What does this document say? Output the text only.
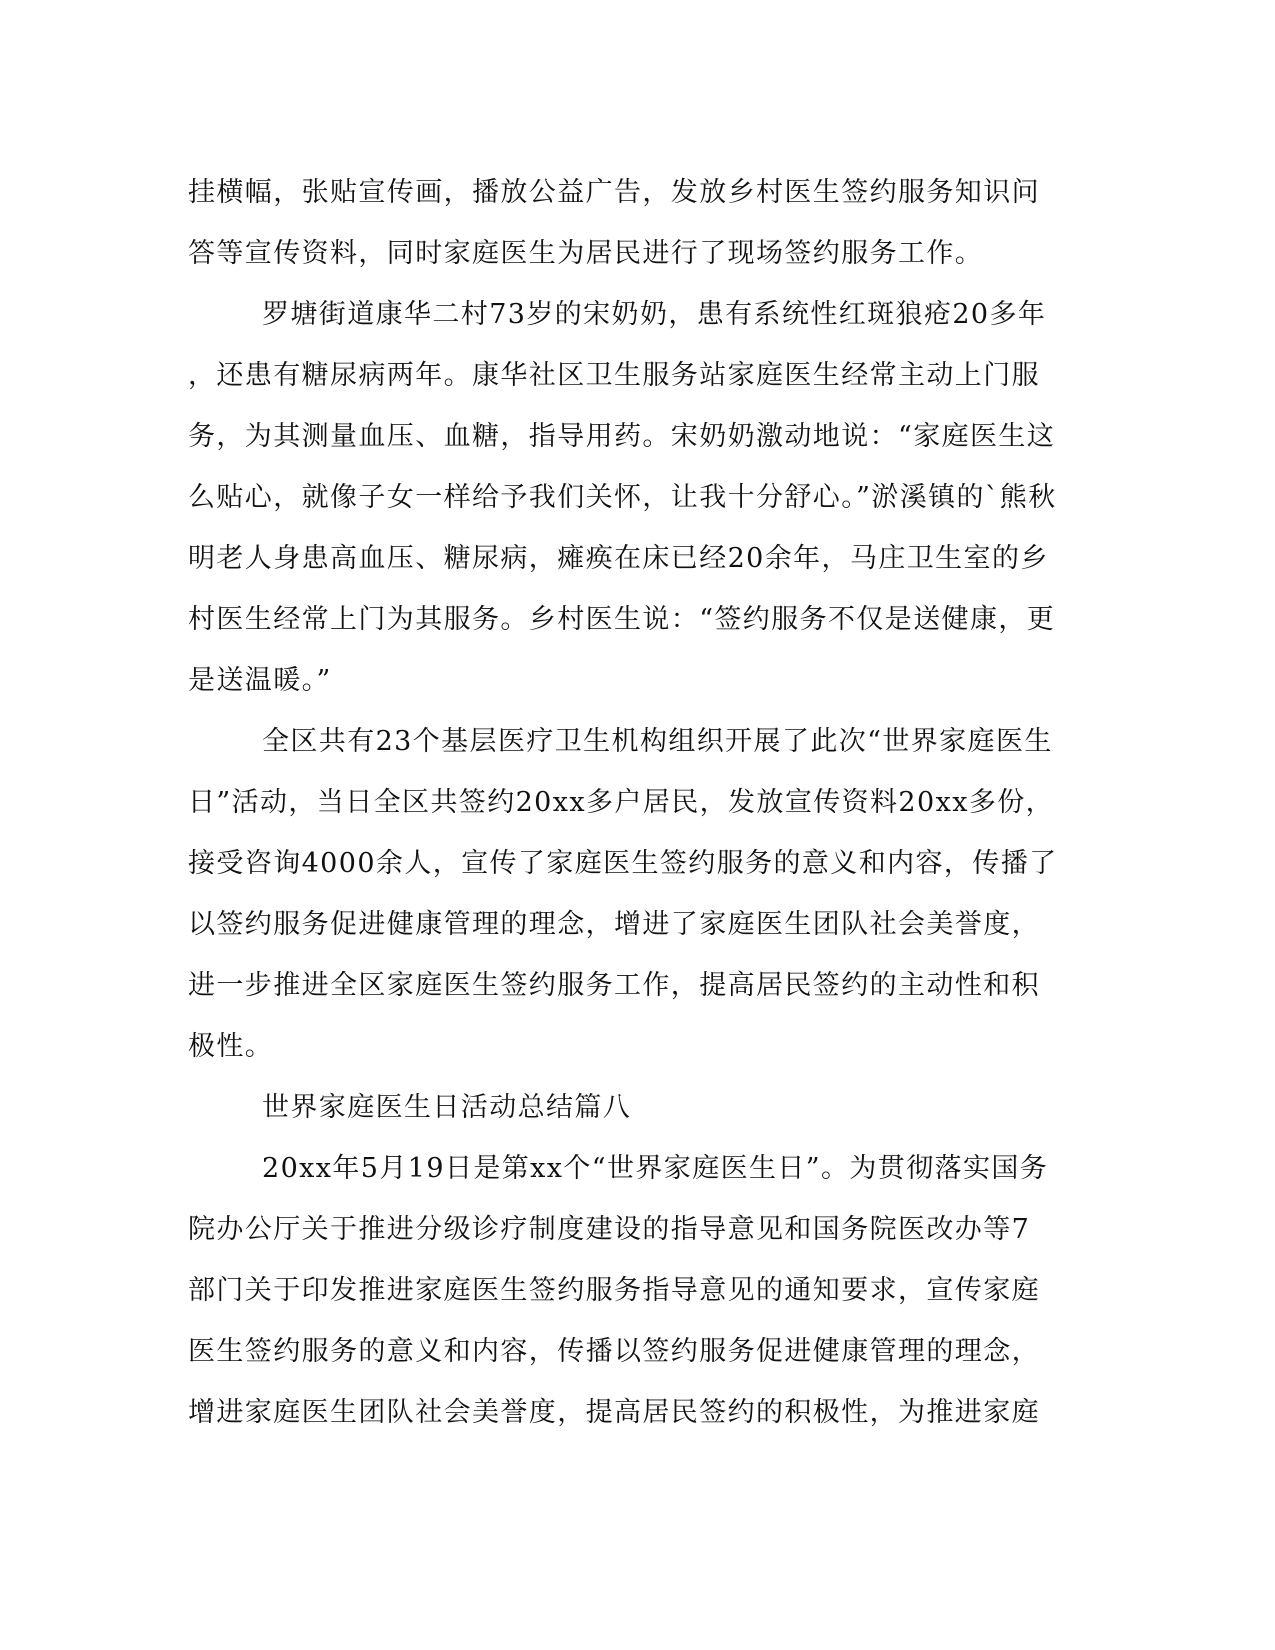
挂横幅，张贴宣传画，播放公益广告，发放乡村医生签约服务知识问
答等宣传资料，同时家庭医生为居民进行了现场签约服务工作。
罗塘街道康华二村73岁的宋奶奶，患有系统性红斑狼疮20多年
，还患有糖尿病两年。康华社区卫生服务站家庭医生经常主动上门服
务，为其测量血压、血糖，指导用药。宋奶奶激动地说：“家庭医生这
么贴心，就像子女一样给予我们关怀，让我十分舒心。”淤溪镇的`熊秋
明老人身患高血压、糖尿病，瘫痪在床已经20余年，马庄卫生室的乡
村医生经常上门为其服务。乡村医生说：“签约服务不仅是送健康，更
是送温暖。”
全区共有23个基层医疗卫生机构组织开展了此次“世界家庭医生
日”活动，当日全区共签约20xx多户居民，发放宣传资料20xx多份，
接受咨询4000余人，宣传了家庭医生签约服务的意义和内容，传播了
以签约服务促进健康管理的理念，增进了家庭医生团队社会美誉度，
进一步推进全区家庭医生签约服务工作，提高居民签约的主动性和积
极性。
世界家庭医生日活动总结篇八
20xx年5月19日是第xx个“世界家庭医生日”。为贯彻落实国务
院办公厅关于推进分级诊疗制度建设的指导意见和国务院医改办等7
部门关于印发推进家庭医生签约服务指导意见的通知要求，宣传家庭
医生签约服务的意义和内容，传播以签约服务促进健康管理的理念，
增进家庭医生团队社会美誉度，提高居民签约的积极性，为推进家庭
